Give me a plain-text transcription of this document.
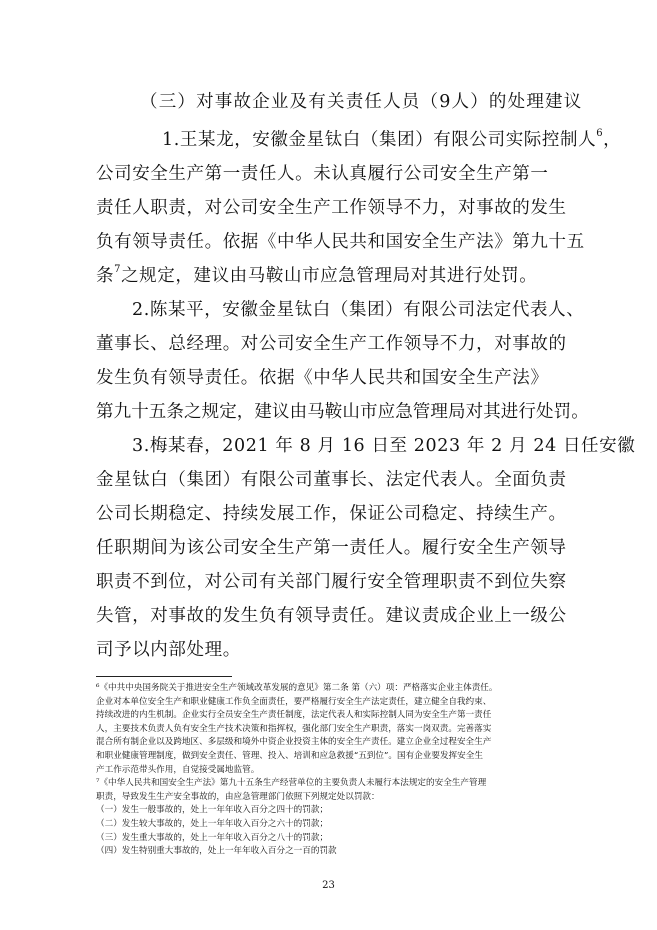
（三）对事故企业及有关责任人员（9人）的处理建议
1.王某龙，安徽金星钛白（集团）有限公司实际控制人$^6$，
公司安全生产第一责任人。未认真履行公司安全生产第一
责任人职责，对公司安全生产工作领导不力，对事故的发生
负有领导责任。依据《中华人民共和国安全生产法》第九十五
条$^7$之规定，建议由马鞍山市应急管理局对其进行处罚。
2.陈某平，安徽金星钛白（集团）有限公司法定代表人、
董事长、总经理。对公司安全生产工作领导不力，对事故的
发生负有领导责任。依据《中华人民共和国安全生产法》
第九十五条之规定，建议由马鞍山市应急管理局对其进行处罚。
3.梅某春，2021 年 8 月 16 日至 2023 年 2 月 24 日任安徽
金星钛白（集团）有限公司董事长、法定代表人。全面负责
公司长期稳定、持续发展工作，保证公司稳定、持续生产。
任职期间为该公司安全生产第一责任人。履行安全生产领导
职责不到位，对公司有关部门履行安全管理职责不到位失察
失管，对事故的发生负有领导责任。建议责成企业上一级公
司予以内部处理。
⁶《中共中央国务院关于推进安全生产领域改革发展的意见》第二条 第（六）项：严格落实企业主体责任。
企业对本单位安全生产和职业健康工作负全面责任，要严格履行安全生产法定责任，建立健全自我约束、
持续改进的内生机制。企业实行全员安全生产责任制度，法定代表人和实际控制人同为安全生产第一责任
人，主要技术负责人负有安全生产技术决策和指挥权，强化部门安全生产职责，落实一岗双责。完善落实
混合所有制企业以及跨地区、多层级和境外中资企业投资主体的安全生产责任。建立企业全过程安全生产
和职业健康管理制度，做到安全责任、管理、投入、培训和应急救援“五到位”。国有企业要发挥安全生
产工作示范带头作用，自觉接受属地监管。
⁷《中华人民共和国安全生产法》第九十五条生产经营单位的主要负责人未履行本法规定的安全生产管理
职责，导致发生生产安全事故的，由应急管理部门依照下列规定处以罚款：
（一）发生一般事故的，处上一年年收入百分之四十的罚款；
（二）发生较大事故的，处上一年年收入百分之六十的罚款；
（三）发生重大事故的，处上一年年收入百分之八十的罚款；
（四）发生特别重大事故的，处上一年年收入百分之一百的罚款
23
